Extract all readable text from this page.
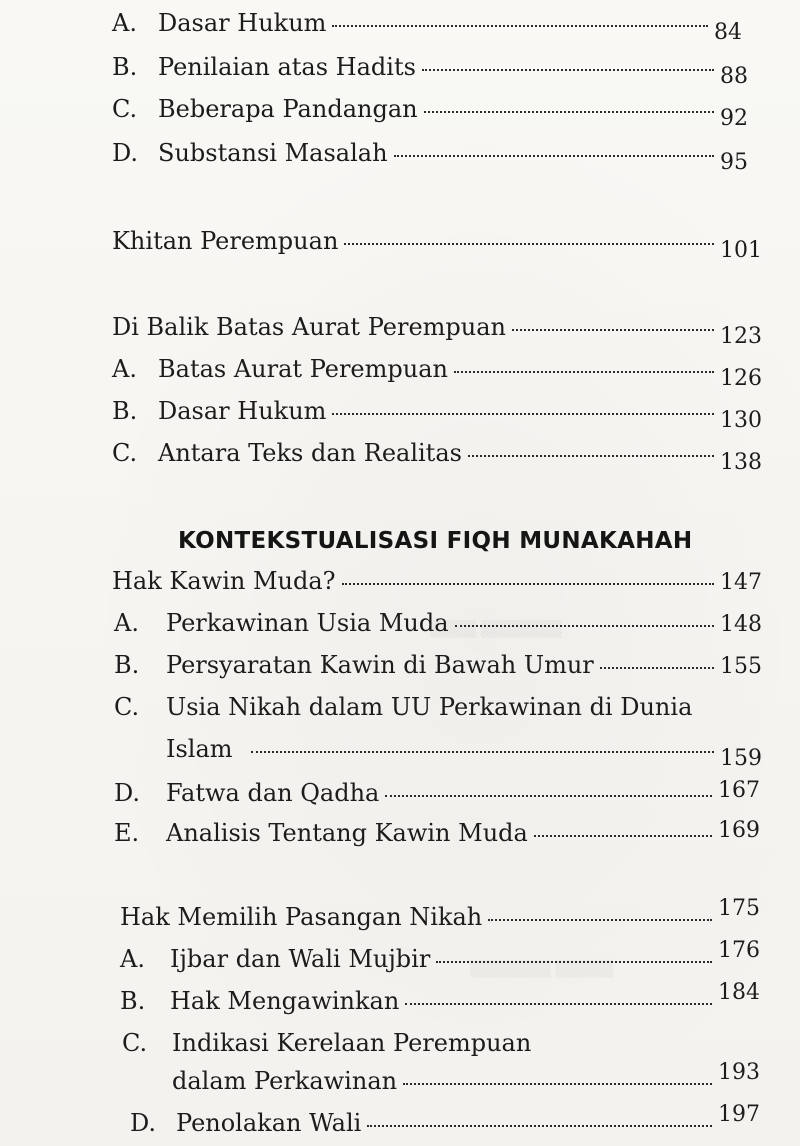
▒▒▒▒ ▒▒▒▒▒▒▒
▒▒▒▒▒▒▒ ▒▒▒▒▒
A. Dasar Hukum	84
B. Penilaian atas Hadits	88
C. Beberapa Pandangan	92
D. Substansi Masalah	95
Khitan Perempuan	101
Di Balik Batas Aurat Perempuan	123
A. Batas Aurat Perempuan	126
B. Dasar Hukum	130
C. Antara Teks dan Realitas	138
KONTEKSTUALISASI FIQH MUNAKAHAH
Hak Kawin Muda?	147
A.	Perkawinan Usia Muda	148
B.	Persyaratan Kawin di Bawah Umur	155
C.	Usia Nikah dalam UU Perkawinan di Dunia
Islam	159
D.	Fatwa dan Qadha	167
E.	Analisis Tentang Kawin Muda	169
Hak Memilih Pasangan Nikah	175
A.	Ijbar dan Wali Mujbir	176
B.	Hak Mengawinkan	184
C.	Indikasi Kerelaan Perempuan
dalam Perkawinan	193
D. Penolakan Wali	197
